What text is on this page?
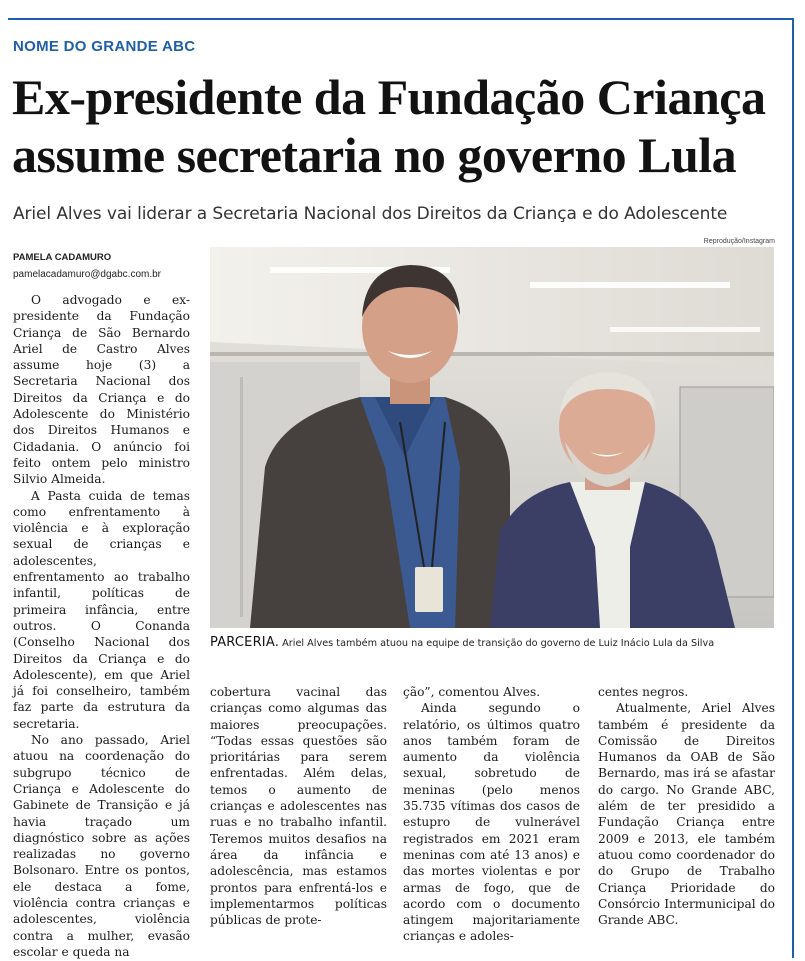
NOME DO GRANDE ABC
Ex-presidente da Fundação Criança assume secretaria no governo Lula
Ariel Alves vai liderar a Secretaria Nacional dos Direitos da Criança e do Adolescente
PAMELA CADAMURO
pamelacadamuro@dgabc.com.br
Reprodução/Instagram
PARCERIA. Ariel Alves também atuou na equipe de transição do governo de Luiz Inácio Lula da Silva

O advogado e ex-presidente da Fundação Criança de São Bernardo Ariel de Castro Alves assume hoje (3) a Secretaria Nacional dos Direitos da Criança e do Adolescente do Ministério dos Direitos Humanos e Cidadania. O anúncio foi feito ontem pelo ministro Silvio Almeida.

A Pasta cuida de temas como enfrentamento à violência e à exploração sexual de crianças e adolescentes, enfrentamento ao trabalho infantil, políticas de primeira infância, entre outros. O Conanda (Conselho Nacional dos Direitos da Criança e do Adolescente), em que Ariel já foi conselheiro, também faz parte da estrutura da secretaria.

No ano passado, Ariel atuou na coordenação do subgrupo técnico de Criança e Adolescente do Gabinete de Transição e já havia traçado um diagnóstico sobre as ações realizadas no governo Bolsonaro. Entre os pontos, ele destaca a fome, violência contra crianças e adolescentes, violência contra a mulher, evasão escolar e queda na

cobertura vacinal das crianças como algumas das maiores preocupações. “Todas essas questões são prioritárias para serem enfrentadas. Além delas, temos o aumento de crianças e adolescentes nas ruas e no trabalho infantil. Teremos muitos desafios na área da infância e adolescência, mas estamos prontos para enfrentá-los e implementarmos políticas públicas de prote-

ção”, comentou Alves.

Ainda segundo o relatório, os últimos quatro anos também foram de aumento da violência sexual, sobretudo de meninas (pelo menos 35.735 vítimas dos casos de estupro de vulnerável registrados em 2021 eram meninas com até 13 anos) e das mortes violentas e por armas de fogo, que de acordo com o documento atingem majoritariamente crianças e adoles-

centes negros.

Atualmente, Ariel Alves também é presidente da Comissão de Direitos Humanos da OAB de São Bernardo, mas irá se afastar do cargo. No Grande ABC, além de ter presidido a Fundação Criança entre 2009 e 2013, ele também atuou como coordenador do do Grupo de Trabalho Criança Prioridade do Consórcio Intermunicipal do Grande ABC.
